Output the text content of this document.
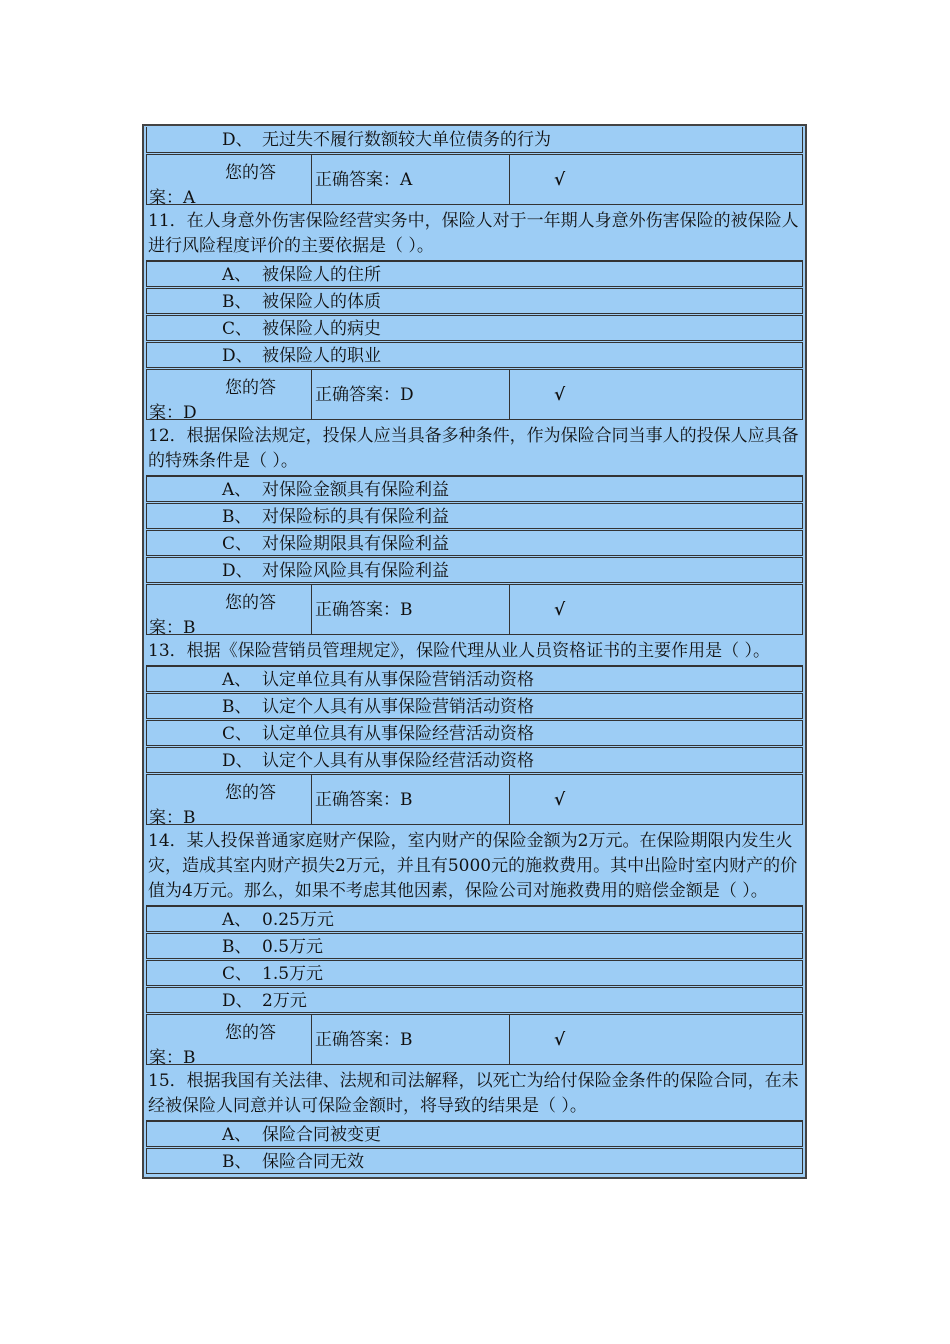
D、 无过失不履行数额较大单位债务的行为
您的答
案：A
正确答案：A	√
11．在人身意外伤害保险经营实务中，保险人对于一年期人身意外伤害保险的被保险人进行风险程度评价的主要依据是（ ）。
A、 被保险人的住所
B、 被保险人的体质
C、 被保险人的病史
D、 被保险人的职业
您的答
案：D
正确答案：D	√
12．根据保险法规定，投保人应当具备多种条件，作为保险合同当事人的投保人应具备的特殊条件是（ ）。
A、 对保险金额具有保险利益
B、 对保险标的具有保险利益
C、 对保险期限具有保险利益
D、 对保险风险具有保险利益
您的答
案：B
正确答案：B	√
13．根据《保险营销员管理规定》，保险代理从业人员资格证书的主要作用是（ ）。
A、 认定单位具有从事保险营销活动资格
B、 认定个人具有从事保险营销活动资格
C、 认定单位具有从事保险经营活动资格
D、 认定个人具有从事保险经营活动资格
您的答
案：B
正确答案：B	√
14．某人投保普通家庭财产保险，室内财产的保险金额为2万元。在保险期限内发生火灾，造成其室内财产损失2万元，并且有5000元的施救费用。其中出险时室内财产的价值为4万元。那么，如果不考虑其他因素，保险公司对施救费用的赔偿金额是（ ）。
A、 0.25万元
B、 0.5万元
C、 1.5万元
D、 2万元
您的答
案：B
正确答案：B	√
15．根据我国有关法律、法规和司法解释，以死亡为给付保险金条件的保险合同，在未经被保险人同意并认可保险金额时，将导致的结果是（ ）。
A、 保险合同被变更
B、 保险合同无效
